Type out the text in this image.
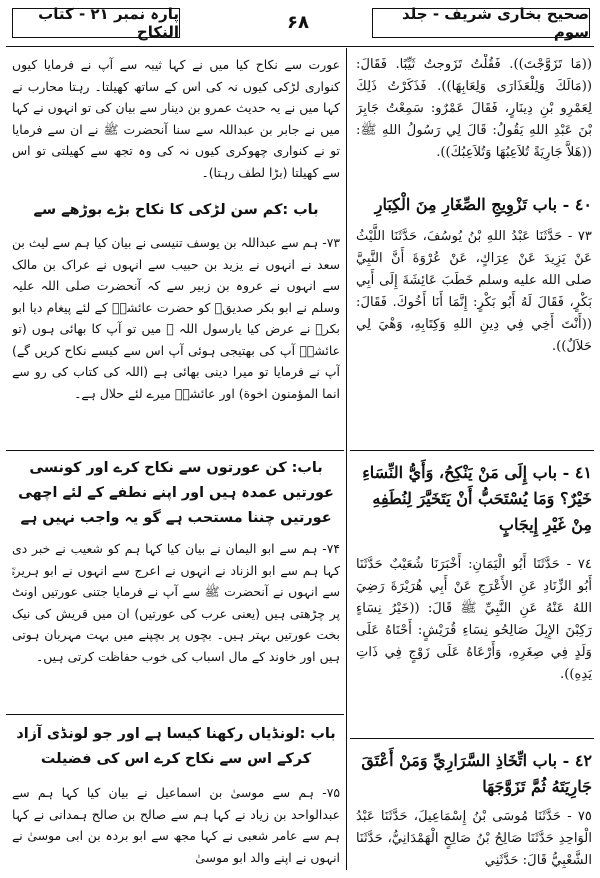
پارہ نمبر ۲۱ - کتاب النکاح	۶۸	صحیح بخاری شریف - جلد سوم

((مَا تَزَوَّجْتَ)). فَقُلْتُ تَزَوجتُ ثَيِّبًا. فَقَالَ: ((مَالَكَ وَلِلْعَذَارَى وَلِعَابِهَا)). فَذَكَرْتُ ذَلِكَ لِعَمْرِو بْنِ دِينَارٍ، فَقَالَ عَمْرٌو: سَمِعْتُ جَابِرَ بْنَ عَبْدِ اللهِ يَقُولُ: قَالَ لِي رَسُولُ اللهِ ﷺ: ((هَلاَّ جَارِيَةً تُلاَعِبُهَا وَتُلاَعِبُكَ)).

٤٠ - باب تَزْوِيجِ الصِّغَارِ مِنَ الْكِبَارِ

٧٣ - حَدَّثَنَا عَبْدُ اللهِ بْنُ يُوسُفَ، حَدَّثَنَا اللَّيْثُ عَنْ يَزِيدَ عَنْ عِرَاكٍ، عَنْ عُرْوَةَ أَنَّ النَّبِيَّ صلى الله عليه وسلم خَطَبَ عَائِشَةَ إِلَى أَبِي بَكْرٍ، فَقَالَ لَهُ أَبُو بَكْرٍ: إِنَّمَا أَنَا أَخُوكَ. فَقَالَ: ((أَنْتَ أَخِي فِي دِينِ اللهِ وَكِتَابِهِ، وَهْيَ لِي حَلاَلٌ)).

٤١ - باب إِلَى مَنْ يَنْكِحُ، وَأَيُّ النِّسَاءِ خَيْرٌ؟ وَمَا يُسْتَحَبُّ أَنْ يَتَخَيَّرَ لِنُطَفِهِ مِنْ غَيْرِ إِيجَابٍ

٧٤ - حَدَّثَنَا أَبُو الْيَمَانِ: أَخْبَرَنَا شُعَيْبٌ حَدَّثَنَا أَبُو الزِّنَادِ عَنِ الأَعْرَجِ عَنْ أَبِي هُرَيْرَةَ رَضِيَ اللهُ عَنْهُ عَنِ النَّبِيِّ ﷺ قَالَ: ((خَيْرُ نِسَاءٍ رَكِبْنَ الإِبِلَ صَالِحُو نِسَاءِ قُرَيْشٍ: أَحْنَاهُ عَلَى وَلَدٍ فِي صِغَرِهِ، وَأَرْعَاهُ عَلَى زَوْجٍ فِي ذَاتِ يَدِهِ)).

٤٢ - باب اتِّخَاذِ السَّرَارِيِّ وَمَنْ أَعْتَقَ جَارِيَتَهُ ثُمَّ تَزَوَّجَهَا

٧٥ - حَدَّثَنَا مُوسَى بْنُ إِسْمَاعِيلَ، حَدَّثَنَا عَبْدُ الْوَاحِدِ حَدَّثَنَا صَالِحُ بْنُ صَالِحٍ الْهَمْدَانِيُّ، حَدَّثَنَا الشَّعْبِيُّ قَالَ: حَدَّثَنِي

عورت سے نکاح کیا میں نے کہا ثیبہ سے آپ نے فرمایا کیوں کنواری لڑکی کیوں نہ کی اس کے ساتھ کھیلتا۔ رہتا محارب نے کہا میں نے یہ حدیث عمرو بن دینار سے بیان کی تو انہوں نے کہا میں نے جابر بن عبداللہ سے سنا آنحضرت ﷺ نے ان سے فرمایا تو نے کنواری چھوکری کیوں نہ کی وہ تجھ سے کھیلتی تو اس سے کھیلتا (بڑا لطف رہتا)۔

باب :کم سن لڑکی کا نکاح بڑے بوڑھے سے

۷۳- ہم سے عبداللہ بن یوسف تنیسی نے بیان کیا ہم سے لیث بن سعد نے انہوں نے یزید بن حبیب سے انہوں نے عراک بن مالک سے انہوں نے عروہ بن زبیر سے کہ آنحضرت صلی اللہ علیہ وسلم نے ابو بکر صدیقؓ کو حضرت عائشہؓ کے لئے پیغام دیا ابو بکرؓ نے عرض کیا یارسول اللہ ﷺ میں تو آپ کا بھائی ہوں (تو عائشہؓ آپ کی بھتیجی ہوئی آپ اس سے کیسے نکاح کریں گے) آپ نے فرمایا تو میرا دینی بھائی ہے (اللہ کی کتاب کی رو سے انما المؤمنون اخوة) اور عائشہؓ میرے لئے حلال ہے۔

باب: کن عورتوں سے نکاح کرے اور کونسی عورتیں عمدہ ہیں اور اپنے نطفے کے لئے اچھی عورتیں چننا مستحب ہے گو یہ واجب نہیں ہے

۷۴- ہم سے ابو الیمان نے بیان کیا کہا ہم کو شعیب نے خبر دی کہا ہم سے ابو الزناد نے انہوں نے اعرج سے انہوں نے ابو ہریرہؓ سے انہوں نے آنحضرت ﷺ سے آپ نے فرمایا جتنی عورتیں اونٹ پر چڑھتی ہیں (یعنی عرب کی عورتیں) ان میں قریش کی نیک بخت عورتیں بہتر ہیں۔ بچوں پر بچپنے میں بہت مہربان ہوتی ہیں اور خاوند کے مال اسباب کی خوب حفاظت کرتی ہیں۔

باب :لونڈیاں رکھنا کیسا ہے اور جو لونڈی آزاد کرکے اس سے نکاح کرے اس کی فضیلت

۷۵- ہم سے موسیٰ بن اسماعیل نے بیان کیا کہا ہم سے عبدالواحد بن زیاد نے کہا ہم سے صالح بن صالح ہمدانی نے کہا ہم سے عامر شعبی نے کہا مجھ سے ابو بردہ بن ابی موسیٰ نے انہوں نے اپنے والد ابو موسیٰ
